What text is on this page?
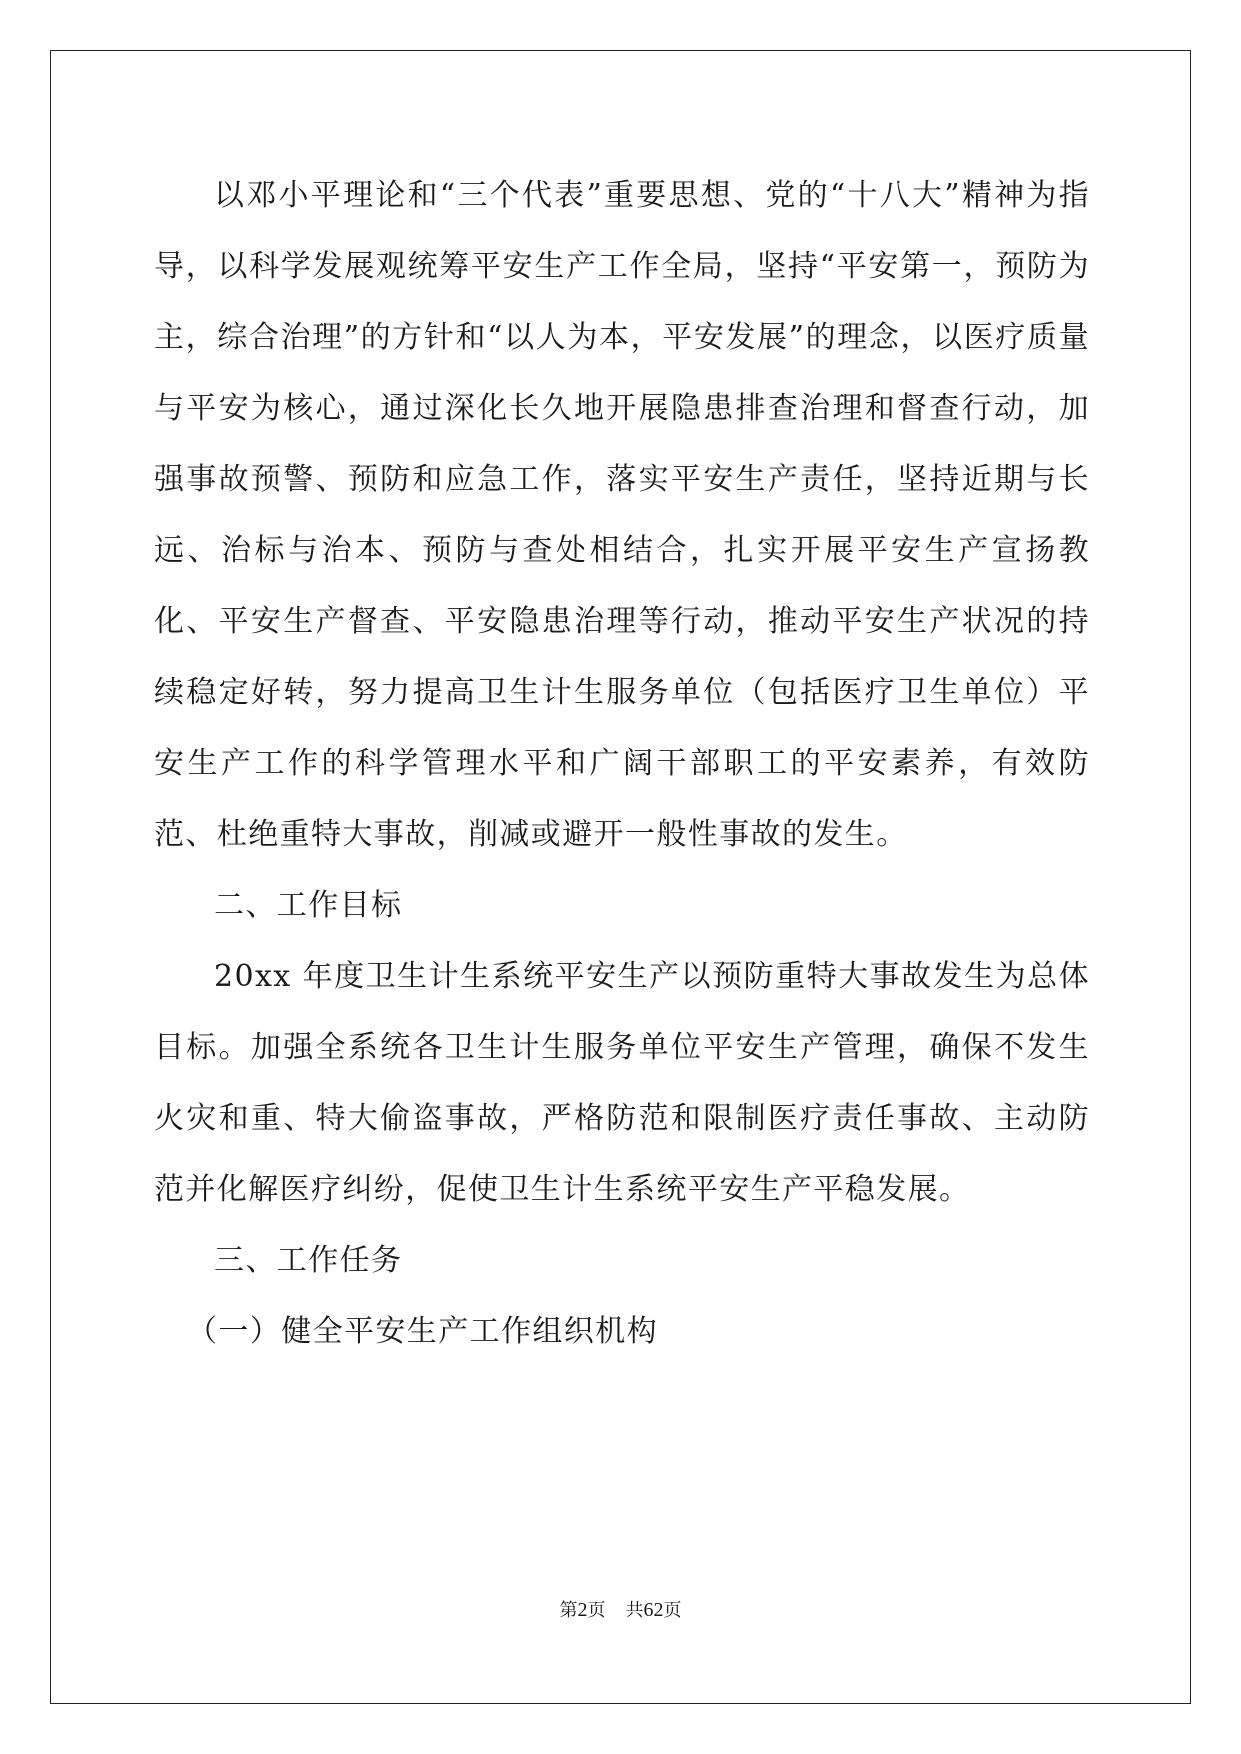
以邓小平理论和“三个代表”重要思想、党的“十八大”精神为指导，以科学发展观统筹平安生产工作全局，坚持“平安第一，预防为主，综合治理”的方针和“以人为本，平安发展”的理念，以医疗质量与平安为核心，通过深化长久地开展隐患排查治理和督查行动，加强事故预警、预防和应急工作，落实平安生产责任，坚持近期与长远、治标与治本、预防与查处相结合，扎实开展平安生产宣扬教化、平安生产督查、平安隐患治理等行动，推动平安生产状况的持续稳定好转，努力提高卫生计生服务单位（包括医疗卫生单位）平安生产工作的科学管理水平和广阔干部职工的平安素养，有效防范、杜绝重特大事故，削减或避开一般性事故的发生。

二、工作目标

20xx 年度卫生计生系统平安生产以预防重特大事故发生为总体目标。加强全系统各卫生计生服务单位平安生产管理，确保不发生火灾和重、特大偷盗事故，严格防范和限制医疗责任事故、主动防范并化解医疗纠纷，促使卫生计生系统平安生产平稳发展。

三、工作任务

（一）健全平安生产工作组织机构

第2页 共62页
